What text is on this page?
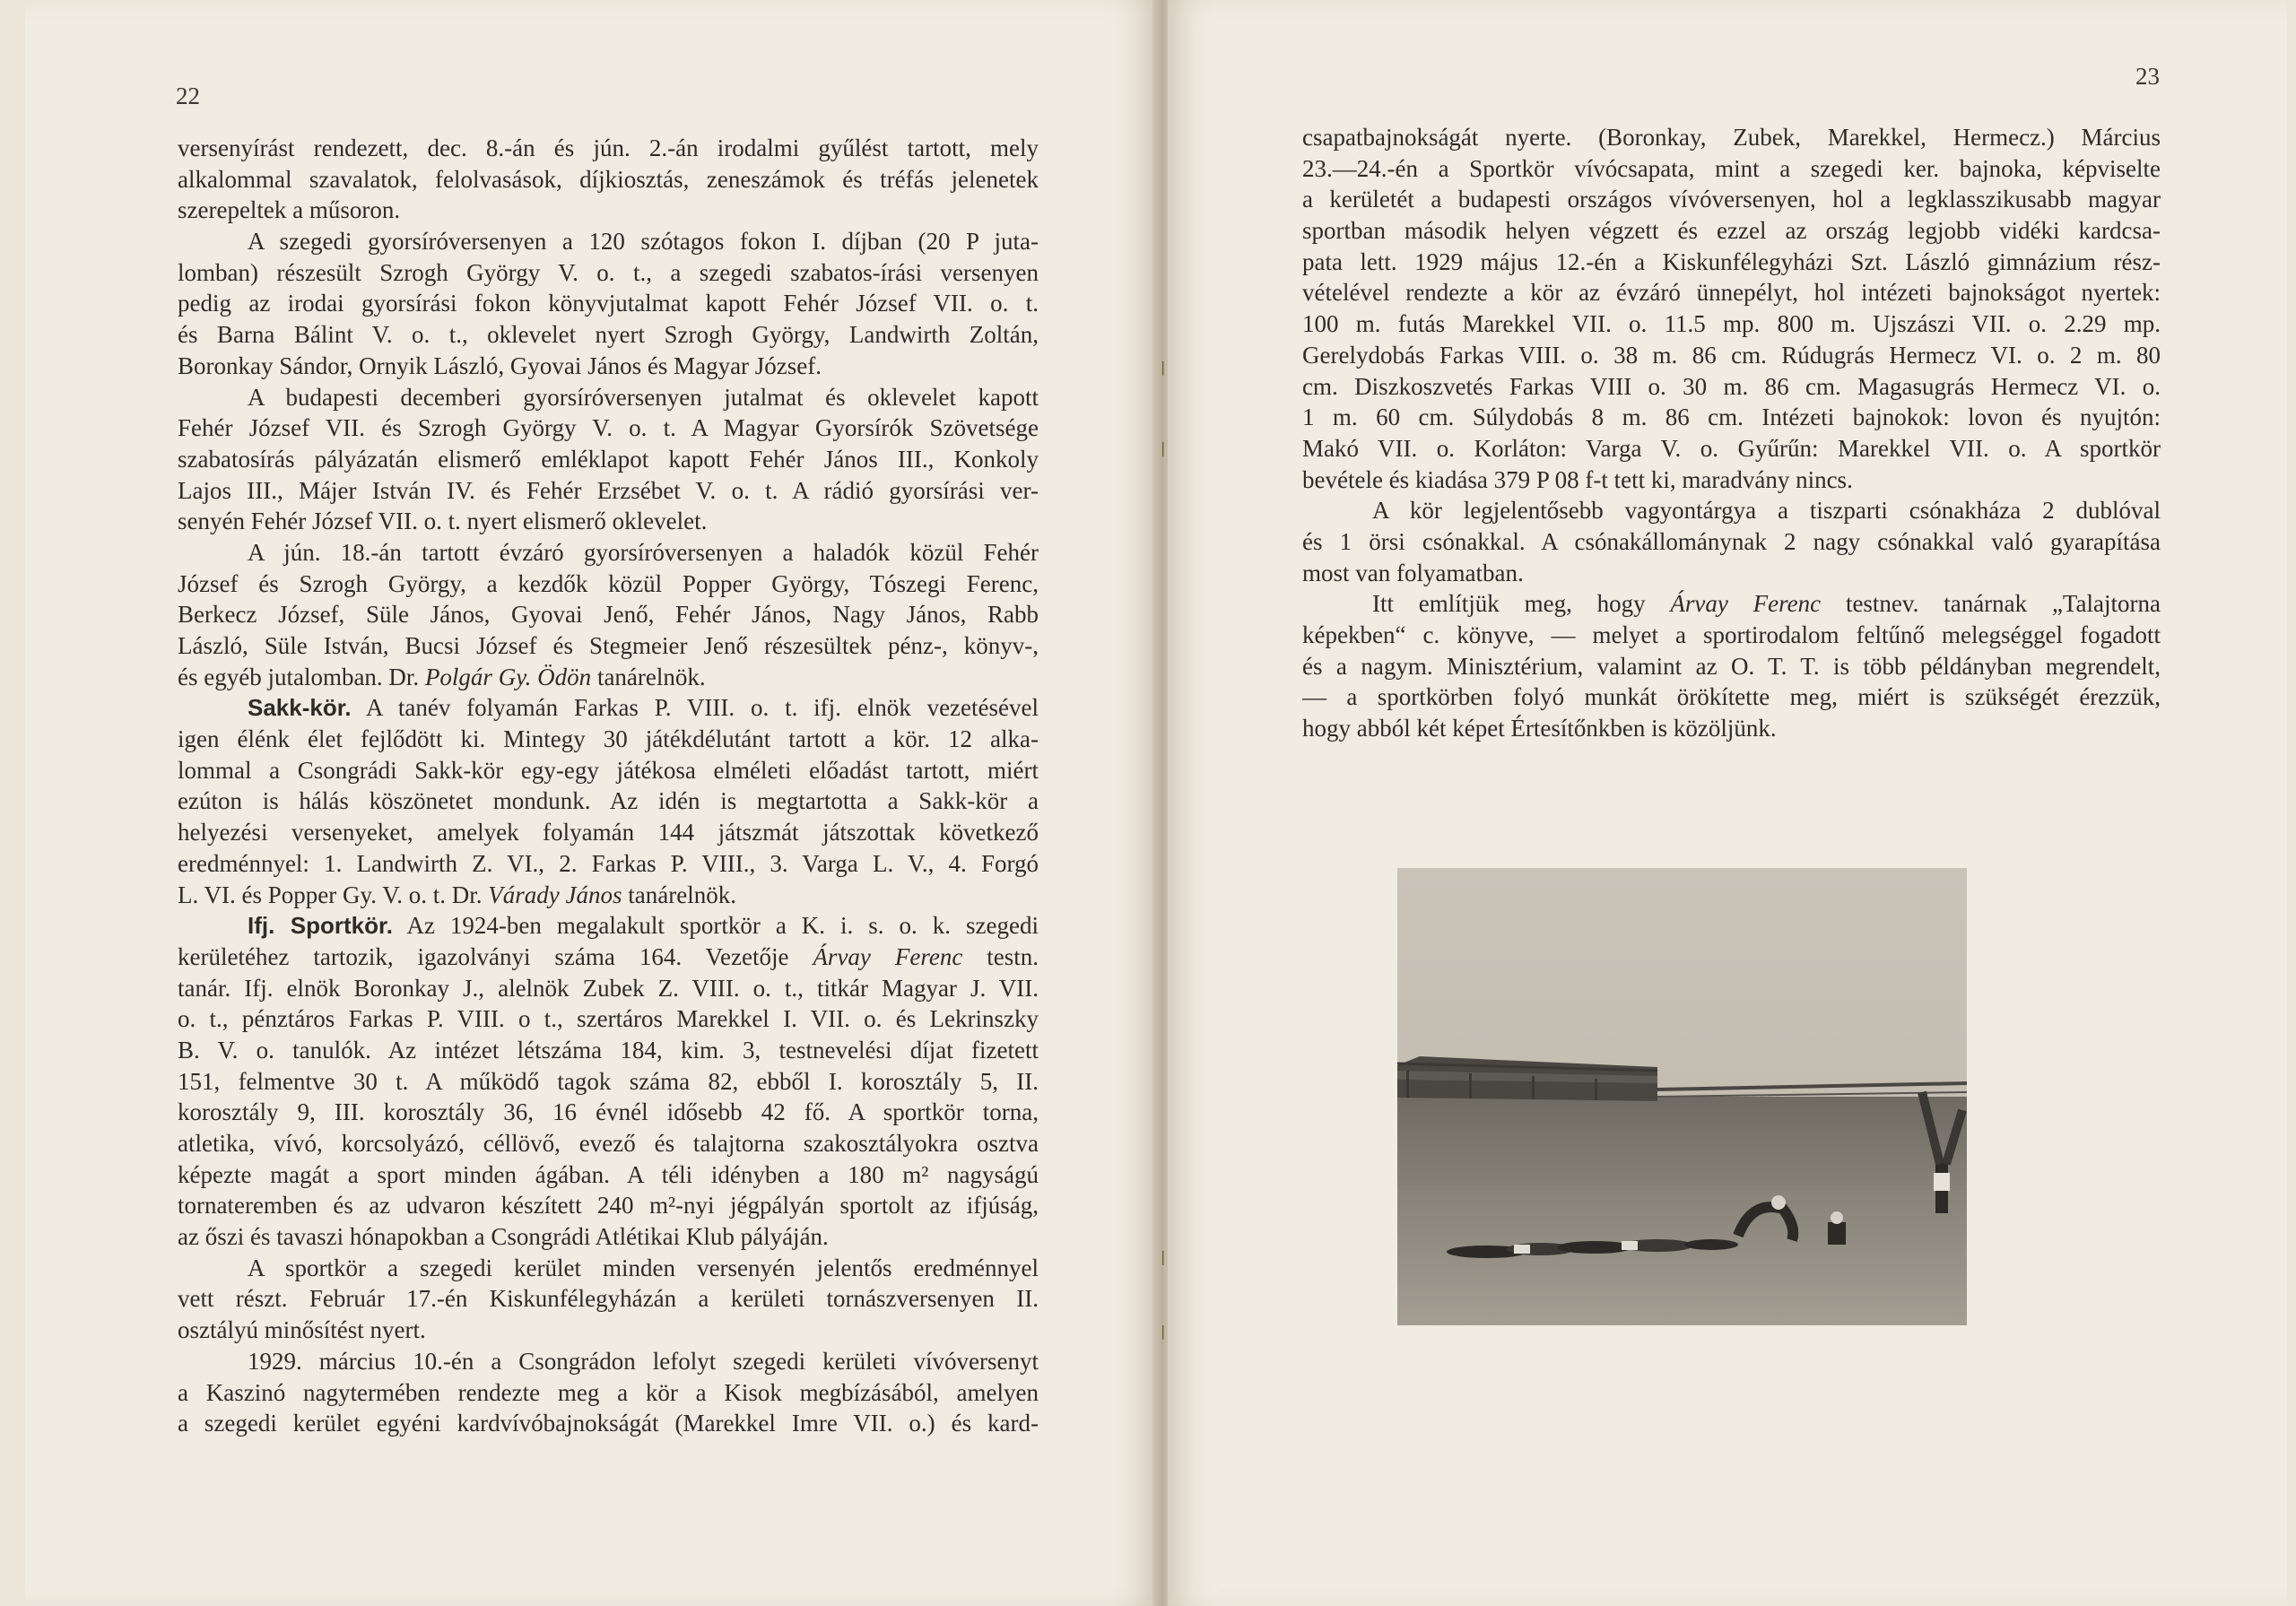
22
23
versenyírást rendezett, dec. 8.-án és jún. 2.-án irodalmi gyűlést tartott, mely
alkalommal szavalatok, felolvasások, díjkiosztás, zeneszámok és tréfás jelenetek
szerepeltek a műsoron.
A szegedi gyorsíróversenyen a 120 szótagos fokon I. díjban (20 P juta-
lomban) részesült Szrogh György V. o. t., a szegedi szabatos-írási versenyen
pedig az irodai gyorsírási fokon könyvjutalmat kapott Fehér József VII. o. t.
és Barna Bálint V. o. t., oklevelet nyert Szrogh György, Landwirth Zoltán,
Boronkay Sándor, Ornyik László, Gyovai János és Magyar József.
A budapesti decemberi gyorsíróversenyen jutalmat és oklevelet kapott
Fehér József VII. és Szrogh György V. o. t. A Magyar Gyorsírók Szövetsége
szabatosírás pályázatán elismerő emléklapot kapott Fehér János III., Konkoly
Lajos III., Májer István IV. és Fehér Erzsébet V. o. t. A rádió gyorsírási ver-
senyén Fehér József VII. o. t. nyert elismerő oklevelet.
A jún. 18.-án tartott évzáró gyorsíróversenyen a haladók közül Fehér
József és Szrogh György, a kezdők közül Popper György, Tószegi Ferenc,
Berkecz József, Süle János, Gyovai Jenő, Fehér János, Nagy János, Rabb
László, Süle István, Bucsi József és Stegmeier Jenő részesültek pénz-, könyv-,
és egyéb jutalomban. Dr. Polgár Gy. Ödön tanárelnök.
Sakk-kör. A tanév folyamán Farkas P. VIII. o. t. ifj. elnök vezetésével
igen élénk élet fejlődött ki. Mintegy 30 játékdélutánt tartott a kör. 12 alka-
lommal a Csongrádi Sakk-kör egy-egy játékosa elméleti előadást tartott, miért
ezúton is hálás köszönetet mondunk. Az idén is megtartotta a Sakk-kör a
helyezési versenyeket, amelyek folyamán 144 játszmát játszottak következő
eredménnyel: 1. Landwirth Z. VI., 2. Farkas P. VIII., 3. Varga L. V., 4. Forgó
L. VI. és Popper Gy. V. o. t. Dr. Várady János tanárelnök.
Ifj. Sportkör. Az 1924-ben megalakult sportkör a K. i. s. o. k. szegedi
kerületéhez tartozik, igazolványi száma 164. Vezetője Árvay Ferenc testn.
tanár. Ifj. elnök Boronkay J., alelnök Zubek Z. VIII. o. t., titkár Magyar J. VII.
o. t., pénztáros Farkas P. VIII. o t., szertáros Marekkel I. VII. o. és Lekrinszky
B. V. o. tanulók. Az intézet létszáma 184, kim. 3, testnevelési díjat fizetett
151, felmentve 30 t. A működő tagok száma 82, ebből I. korosztály 5, II.
korosztály 9, III. korosztály 36, 16 évnél idősebb 42 fő. A sportkör torna,
atletika, vívó, korcsolyázó, céllövő, evező és talajtorna szakosztályokra osztva
képezte magát a sport minden ágában. A téli idényben a 180 m² nagyságú
tornateremben és az udvaron készített 240 m²-nyi jégpályán sportolt az ifjúság,
az őszi és tavaszi hónapokban a Csongrádi Atlétikai Klub pályáján.
A sportkör a szegedi kerület minden versenyén jelentős eredménnyel
vett részt. Február 17.-én Kiskunfélegyházán a kerületi tornászversenyen II.
osztályú minősítést nyert.
1929. március 10.-én a Csongrádon lefolyt szegedi kerületi vívóversenyt
a Kaszinó nagytermében rendezte meg a kör a Kisok megbízásából, amelyen
a szegedi kerület egyéni kardvívóbajnokságát (Marekkel Imre VII. o.) és kard-
csapatbajnokságát nyerte. (Boronkay, Zubek, Marekkel, Hermecz.) Március
23.—24.-én a Sportkör vívócsapata, mint a szegedi ker. bajnoka, képviselte
a kerületét a budapesti országos vívóversenyen, hol a legklasszikusabb magyar
sportban második helyen végzett és ezzel az ország legjobb vidéki kardcsa-
pata lett. 1929 május 12.-én a Kiskunfélegyházi Szt. László gimnázium rész-
vételével rendezte a kör az évzáró ünnepélyt, hol intézeti bajnokságot nyertek:
100 m. futás Marekkel VII. o. 11.5 mp. 800 m. Ujszászi VII. o. 2.29 mp.
Gerelydobás Farkas VIII. o. 38 m. 86 cm. Rúdugrás Hermecz VI. o. 2 m. 80
cm. Diszkoszvetés Farkas VIII o. 30 m. 86 cm. Magasugrás Hermecz VI. o.
1 m. 60 cm. Súlydobás 8 m. 86 cm. Intézeti bajnokok: lovon és nyujtón:
Makó VII. o. Korláton: Varga V. o. Gyűrűn: Marekkel VII. o. A sportkör
bevétele és kiadása 379 P 08 f-t tett ki, maradvány nincs.
A kör legjelentősebb vagyontárgya a tiszparti csónakháza 2 dublóval
és 1 örsi csónakkal. A csónakállománynak 2 nagy csónakkal való gyarapítása
most van folyamatban.
Itt említjük meg, hogy Árvay Ferenc testnev. tanárnak „Talajtorna
képekben“ c. könyve, — melyet a sportirodalom feltűnő melegséggel fogadott
és a nagym. Minisztérium, valamint az O. T. T. is több példányban megrendelt,
— a sportkörben folyó munkát örökítette meg, miért is szükségét érezzük,
hogy abból két képet Értesítőnkben is közöljünk.
❘
❘
❘
❘
